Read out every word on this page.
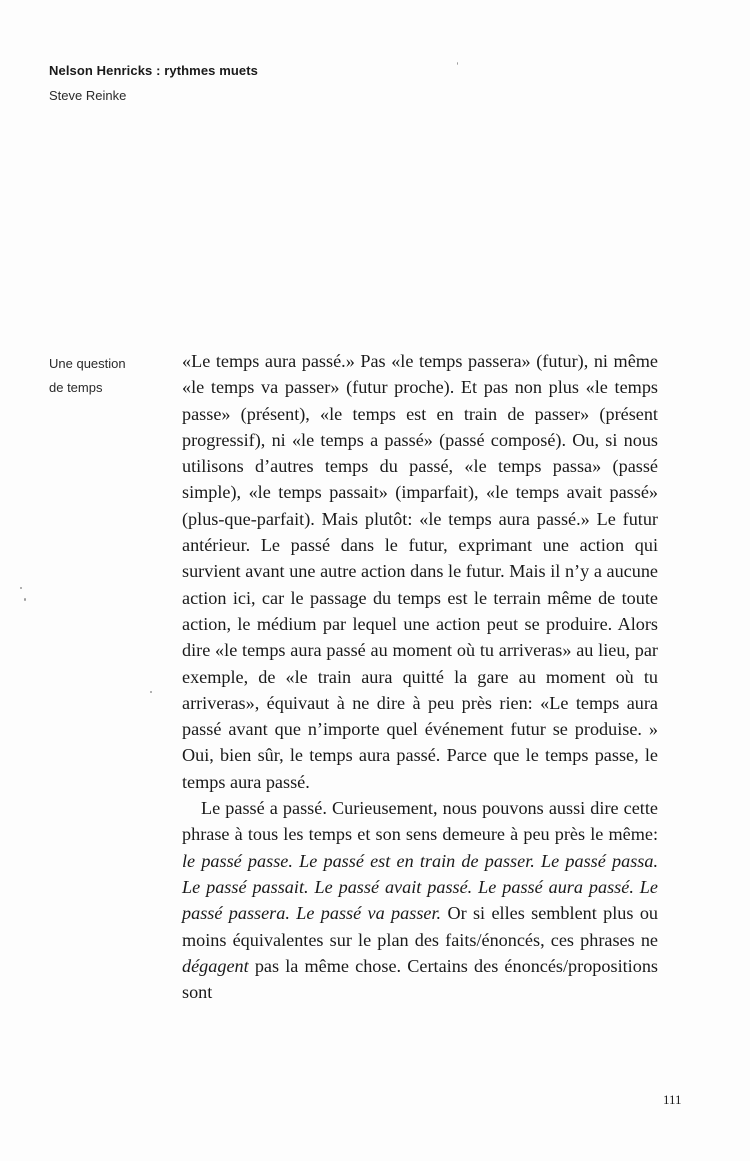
Nelson Henricks : rythmes muets
Steve Reinke
Une question
de temps

«Le temps aura passé.» Pas «le temps passera» (futur), ni même «le temps va passer» (futur proche). Et pas non plus «le temps passe» (présent), «le temps est en train de passer» (présent progressif), ni «le temps a passé» (passé composé). Ou, si nous utilisons d’autres temps du passé, «le temps passa» (passé simple), «le temps passait» (imparfait), «le temps avait passé» (plus-que-parfait). Mais plutôt: «le temps aura passé.» Le futur antérieur. Le passé dans le futur, exprimant une action qui survient avant une autre action dans le futur. Mais il n’y a aucune action ici, car le passage du temps est le terrain même de toute action, le médium par lequel une action peut se produire. Alors dire «le temps aura passé au moment où tu arriveras» au lieu, par exemple, de «le train aura quitté la gare au moment où tu arriveras», équivaut à ne dire à peu près rien: «Le temps aura passé avant que n’importe quel événement futur se produise. » Oui, bien sûr, le temps aura passé. Parce que le temps passe, le temps aura passé.

Le passé a passé. Curieusement, nous pouvons aussi dire cette phrase à tous les temps et son sens demeure à peu près le même: le passé passe. Le passé est en train de passer. Le passé passa. Le passé passait. Le passé avait passé. Le passé aura passé. Le passé passera. Le passé va passer. Or si elles semblent plus ou moins équivalentes sur le plan des faits/énoncés, ces phrases ne dégagent pas la même chose. Certains des énoncés/propositions sont

111
